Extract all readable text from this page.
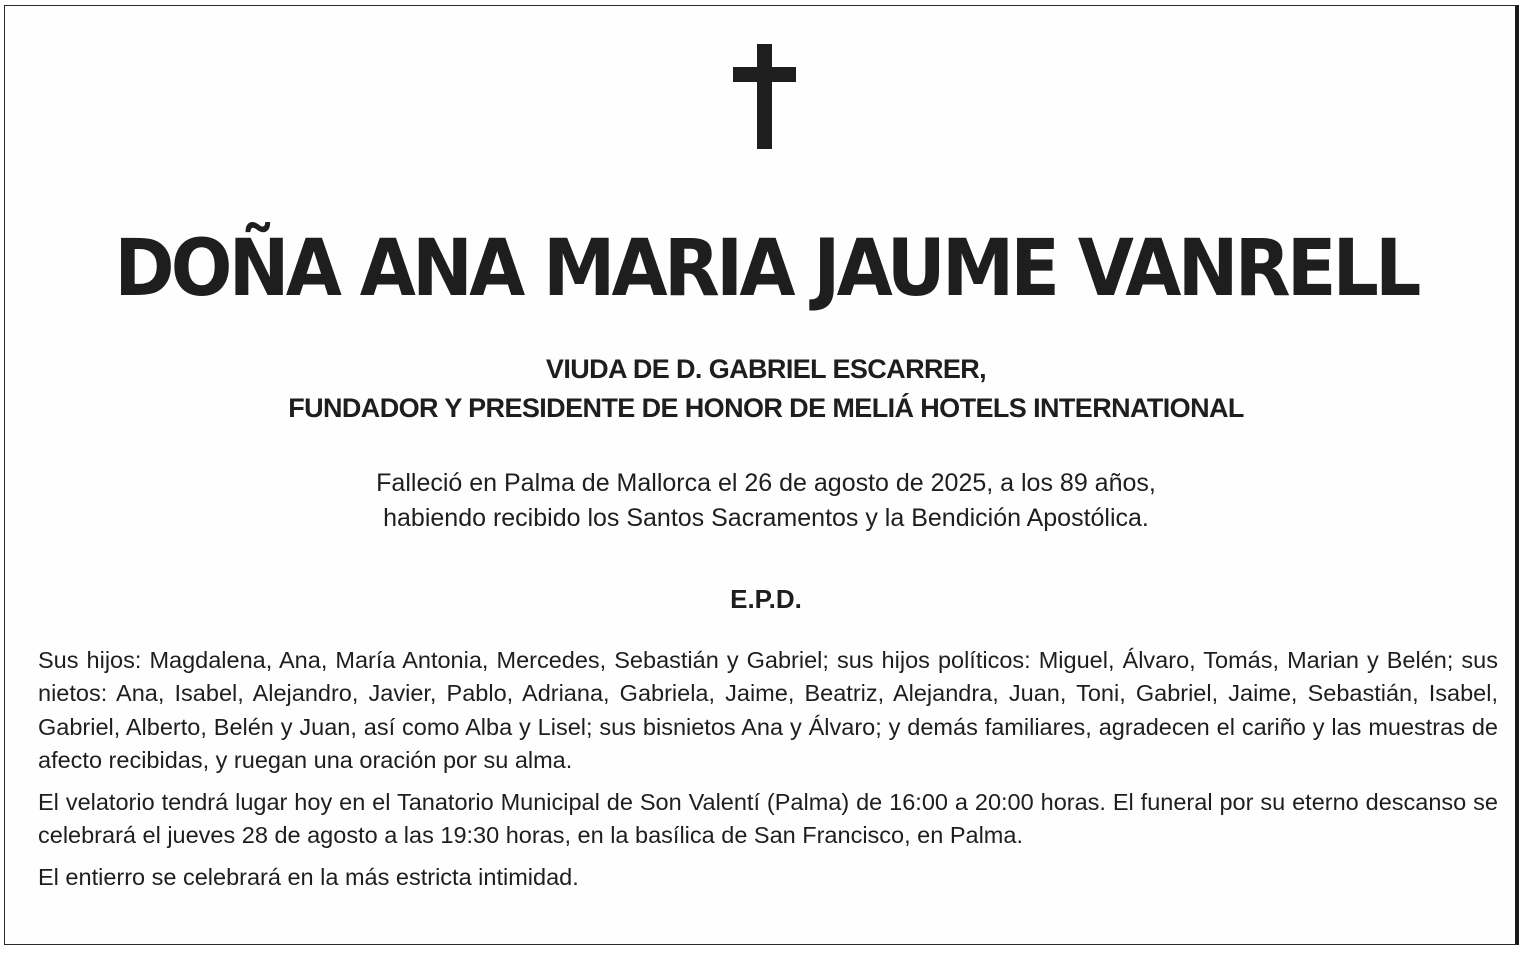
DOÑA ANA MARIA JAUME VANRELL
VIUDA DE D. GABRIEL ESCARRER,
FUNDADOR Y PRESIDENTE DE HONOR DE MELIÁ HOTELS INTERNATIONAL
Falleció en Palma de Mallorca el 26 de agosto de 2025, a los 89 años,
habiendo recibido los Santos Sacramentos y la Bendición Apostólica.
E.P.D.

Sus hijos: Magdalena, Ana, María Antonia, Mercedes, Sebastián y Gabriel; sus hijos políticos: Miguel, Álvaro, Tomás, Marian y Belén; sus nietos: Ana, Isabel, Alejandro, Javier, Pablo, Adriana, Gabriela, Jaime, Beatriz, Alejandra, Juan, Toni, Gabriel, Jaime, Sebastián, Isabel, Gabriel, Alberto, Belén y Juan, así como Alba y Lisel; sus bisnietos Ana y Álvaro; y demás familiares, agradecen el cariño y las muestras de afecto recibidas, y ruegan una oración por su alma.

El velatorio tendrá lugar hoy en el Tanatorio Municipal de Son Valentí (Palma) de 16:00 a 20:00 horas. El funeral por su eterno descanso se celebrará el jueves 28 de agosto a las 19:30 horas, en la basílica de San Francisco, en Palma.

El entierro se celebrará en la más estricta intimidad.
